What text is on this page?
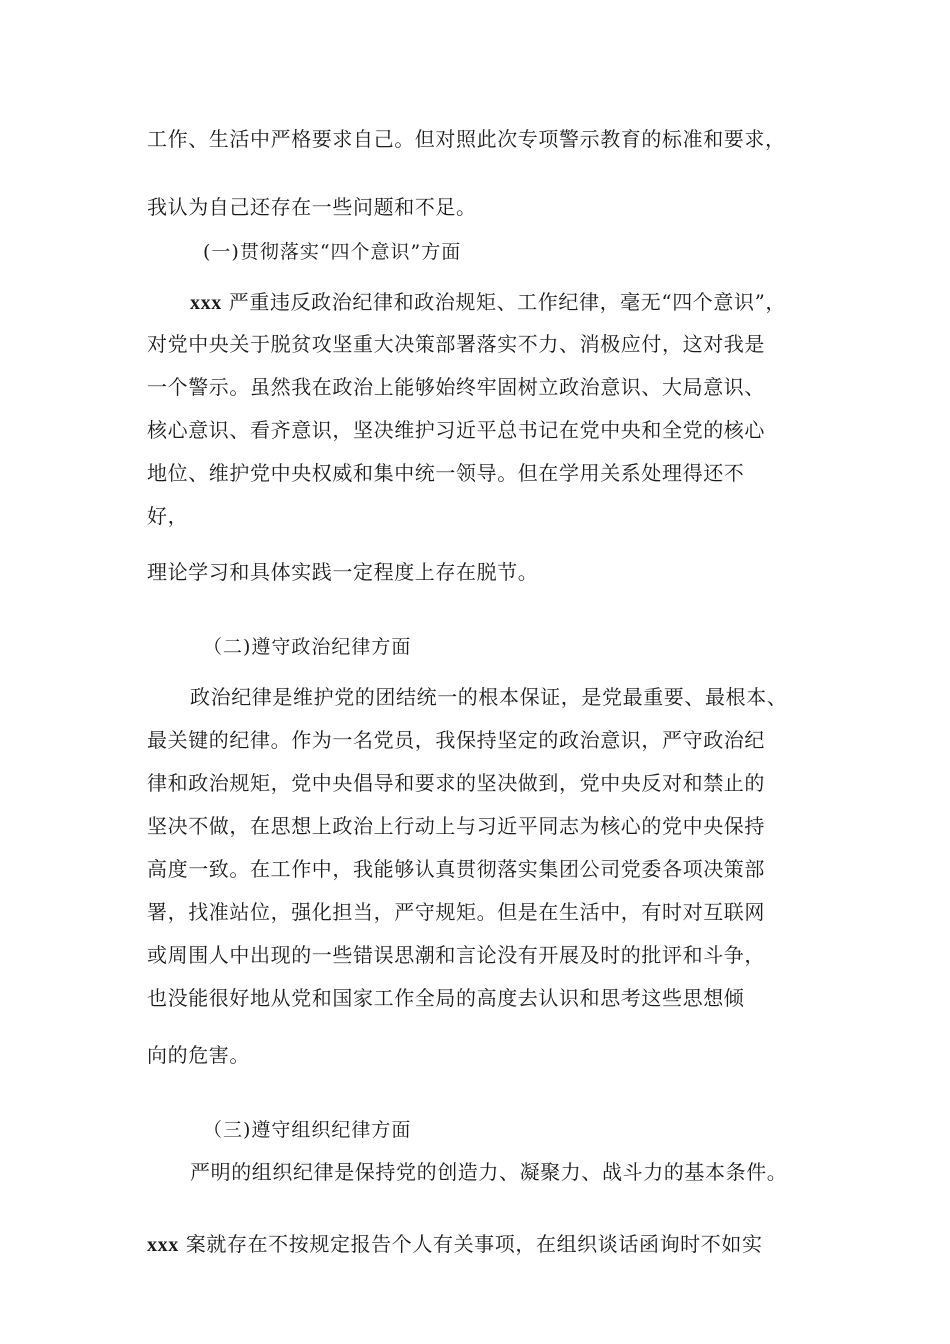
工作、生活中严格要求自己。但对照此次专项警示教育的标准和要求，
我认为自己还存在一些问题和不足。
(一)贯彻落实“四个意识”方面
xxx 严重违反政治纪律和政治规矩、工作纪律，毫无“四个意识”，
对党中央关于脱贫攻坚重大决策部署落实不力、消极应付，这对我是
一个警示。虽然我在政治上能够始终牢固树立政治意识、大局意识、
核心意识、看齐意识，坚决维护习近平总书记在党中央和全党的核心
地位、维护党中央权威和集中统一领导。但在学用关系处理得还不
好，
理论学习和具体实践一定程度上存在脱节。
（二)遵守政治纪律方面
政治纪律是维护党的团结统一的根本保证，是党最重要、最根本、
最关键的纪律。作为一名党员，我保持坚定的政治意识，严守政治纪
律和政治规矩，党中央倡导和要求的坚决做到，党中央反对和禁止的
坚决不做，在思想上政治上行动上与习近平同志为核心的党中央保持
高度一致。在工作中，我能够认真贯彻落实集团公司党委各项决策部
署，找准站位，强化担当，严守规矩。但是在生活中，有时对互联网
或周围人中出现的一些错误思潮和言论没有开展及时的批评和斗争，
也没能很好地从党和国家工作全局的高度去认识和思考这些思想倾
向的危害。
（三)遵守组织纪律方面
严明的组织纪律是保持党的创造力、凝聚力、战斗力的基本条件。
xxx 案就存在不按规定报告个人有关事项，在组织谈话函询时不如实
